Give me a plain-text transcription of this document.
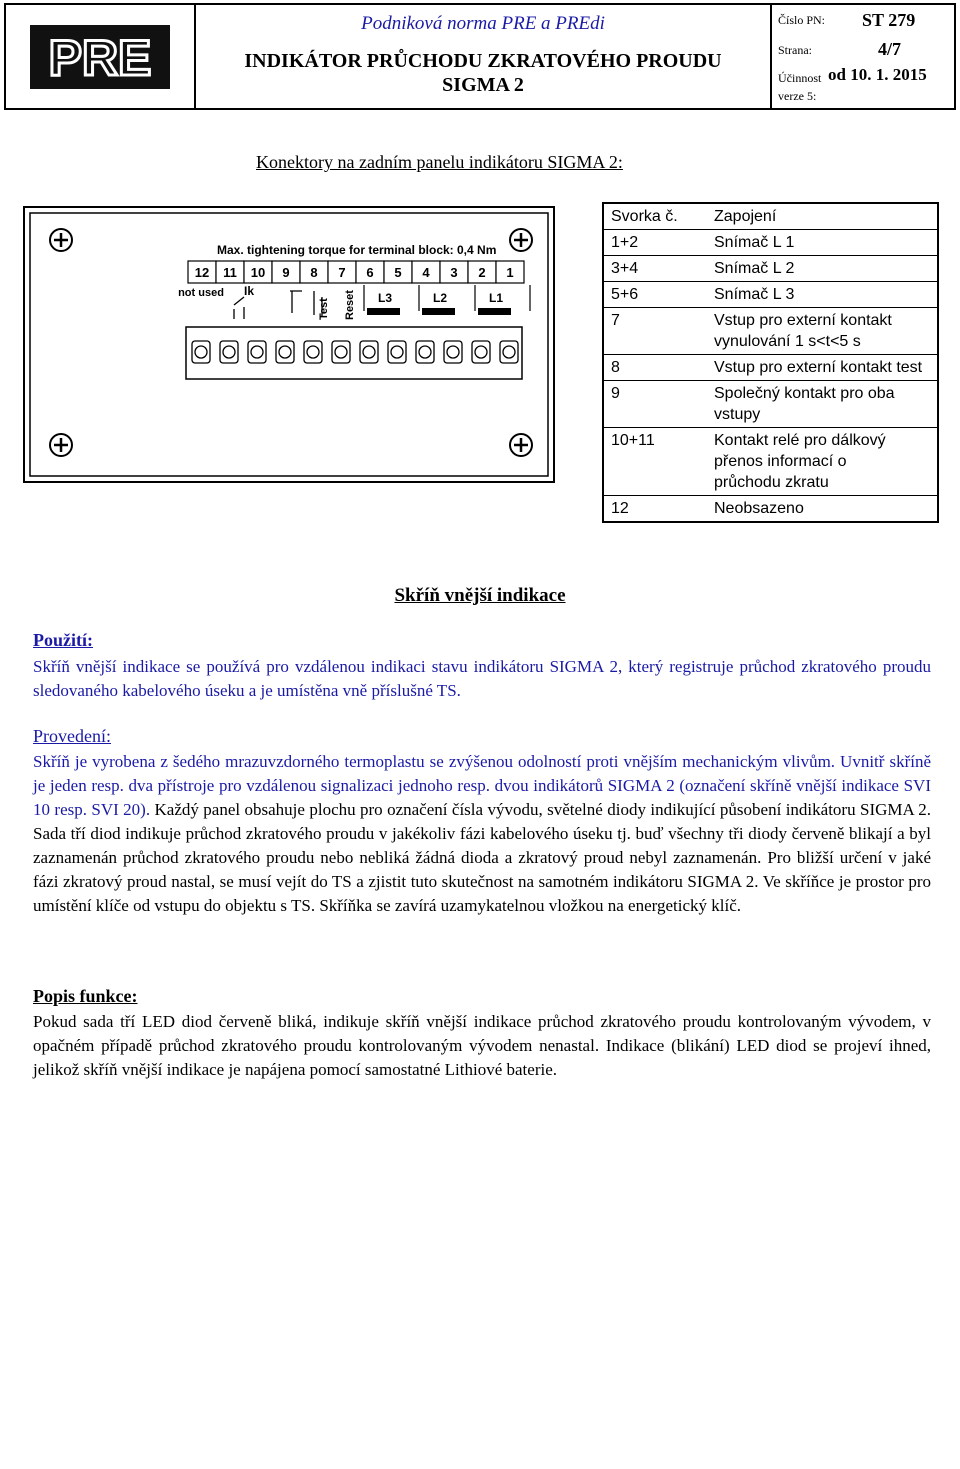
PRE
Podniková norma PRE a PREdi
INDIKÁTOR PRŮCHODU ZKRATOVÉHO PROUDU
SIGMA 2
Číslo PN: ST 279
Strana:	4/7
Účinnost od 10. 1. 2015
verze 5:
Konektory na zadním panelu indikátoru SIGMA 2:
Max. tightening torque for terminal block: 0,4 Nm
12 11 10 9 8 7 6 5 4 3 2 1
not used Ik
Test Reset L3	L2	L1
Svorka č.	Zapojení
1+2	Snímač L 1
3+4	Snímač L 2
5+6	Snímač L 3
7	Vstup pro externí kontakt vynulování 1 s<t<5 s
8	Vstup pro externí kontakt test
9	Společný kontakt pro oba vstupy
10+11	Kontakt relé pro dálkový přenos informací o průchodu zkratu
12	Neobsazeno
Skříň vnější indikace
Použití:
Skříň vnější indikace se používá pro vzdálenou indikaci stavu indikátoru SIGMA 2, který registruje průchod zkratového proudu sledovaného kabelového úseku a je umístěna vně příslušné TS.
Provedení:
Skříň je vyrobena z šedého mrazuvzdorného termoplastu se zvýšenou odolností proti vnějším mechanickým vlivům. Uvnitř skříně je jeden resp. dva přístroje pro vzdálenou signalizaci jednoho resp. dvou indikátorů SIGMA 2 (označení skříně vnější indikace SVI 10 resp. SVI 20). Každý panel obsahuje plochu pro označení čísla vývodu, světelné diody indikující působení indikátoru SIGMA 2. Sada tří diod indikuje průchod zkratového proudu v jakékoliv fázi kabelového úseku tj. buď všechny tři diody červeně blikají a byl zaznamenán průchod zkratového proudu nebo nebliká žádná dioda a zkratový proud nebyl zaznamenán. Pro bližší určení v jaké fázi zkratový proud nastal, se musí vejít do TS a zjistit tuto skutečnost na samotném indikátoru SIGMA 2. Ve skříňce je prostor pro umístění klíče od vstupu do objektu s TS. Skříňka se zavírá uzamykatelnou vložkou na energetický klíč.
Popis funkce:
Pokud sada tří LED diod červeně bliká, indikuje skříň vnější indikace průchod zkratového proudu kontrolovaným vývodem, v opačném případě průchod zkratového proudu kontrolovaným vývodem nenastal. Indikace (blikání) LED diod se projeví ihned, jelikož skříň vnější indikace je napájena pomocí samostatné Lithiové baterie.
